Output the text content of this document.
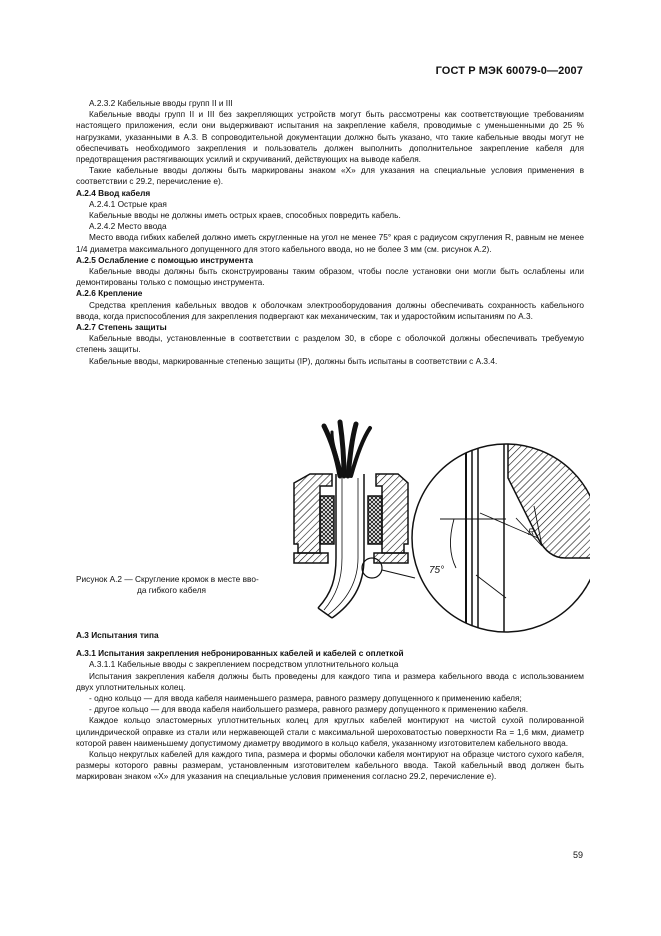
ГОСТ Р МЭК 60079-0—2007

А.2.3.2 Кабельные вводы групп II и III

Кабельные вводы групп II и III без закрепляющих устройств могут быть рассмотрены как соответствующие требованиям настоящего приложения, если они выдерживают испытания на закрепление кабеля, проводимые с уменьшенными до 25 % нагрузками, указанными в А.3. В сопроводительной документации должно быть указано, что такие кабельные вводы могут не обеспечивать необходимого закрепления и пользователь должен выполнить дополнительное закрепление кабеля для предотвращения растягивающих усилий и скручиваний, действующих на выводе кабеля.

Такие кабельные вводы должны быть маркированы знаком «X» для указания на специальные условия применения в соответствии с 29.2, перечисление е).

А.2.4 Ввод кабеля

А.2.4.1 Острые края

Кабельные вводы не должны иметь острых краев, способных повредить кабель.

А.2.4.2 Место ввода

Место ввода гибких кабелей должно иметь скругленные на угол не менее 75° края с радиусом скругления R, равным не менее 1/4 диаметра максимального допущенного для этого кабельного ввода, но не более 3 мм (см. рисунок А.2).

А.2.5 Ослабление с помощью инструмента

Кабельные вводы должны быть сконструированы таким образом, чтобы после установки они могли быть ослаблены или демонтированы только с помощью инструмента.

А.2.6 Крепление

Средства крепления кабельных вводов к оболочкам электрооборудования должны обеспечивать сохранность кабельного ввода, когда приспособления для закрепления подвергают как механическим, так и ударостойким испытаниям по А.3.

А.2.7 Степень защиты

Кабельные вводы, установленные в соответствии с разделом 30, в сборе с оболочкой должны обеспечивать требуемую степень защиты.

Кабельные вводы, маркированные степенью защиты (IP), должны быть испытаны в соответствии с А.3.4.

75°
R
Рисунок А.2 — Скругление кромок в месте вво-
да гибкого кабеля

А.3 Испытания типа

А.3.1 Испытания закрепления небронированных кабелей и кабелей с оплеткой

А.3.1.1 Кабельные вводы с закреплением посредством уплотнительного кольца

Испытания закрепления кабеля должны быть проведены для каждого типа и размера кабельного ввода с использованием двух уплотнительных колец.

- одно кольцо — для ввода кабеля наименьшего размера, равного размеру допущенного к применению кабеля;

- другое кольцо — для ввода кабеля наибольшего размера, равного размеру допущенного к применению кабеля.

Каждое кольцо эластомерных уплотнительных колец для круглых кабелей монтируют на чистой сухой полированной цилиндрической оправке из стали или нержавеющей стали с максимальной шероховатостью поверхности Ra = 1,6 мкм, диаметр которой равен наименьшему допустимому диаметру вводимого в кольцо кабеля, указанному изготовителем кабельного ввода.

Кольцо некруглых кабелей для каждого типа, размера и формы оболочки кабеля монтируют на образце чистого сухого кабеля, размеры которого равны размерам, установленным изготовителем кабельного ввода. Такой кабельный ввод должен быть маркирован знаком «X» для указания на специальные условия применения согласно 29.2, перечисление е).

59
